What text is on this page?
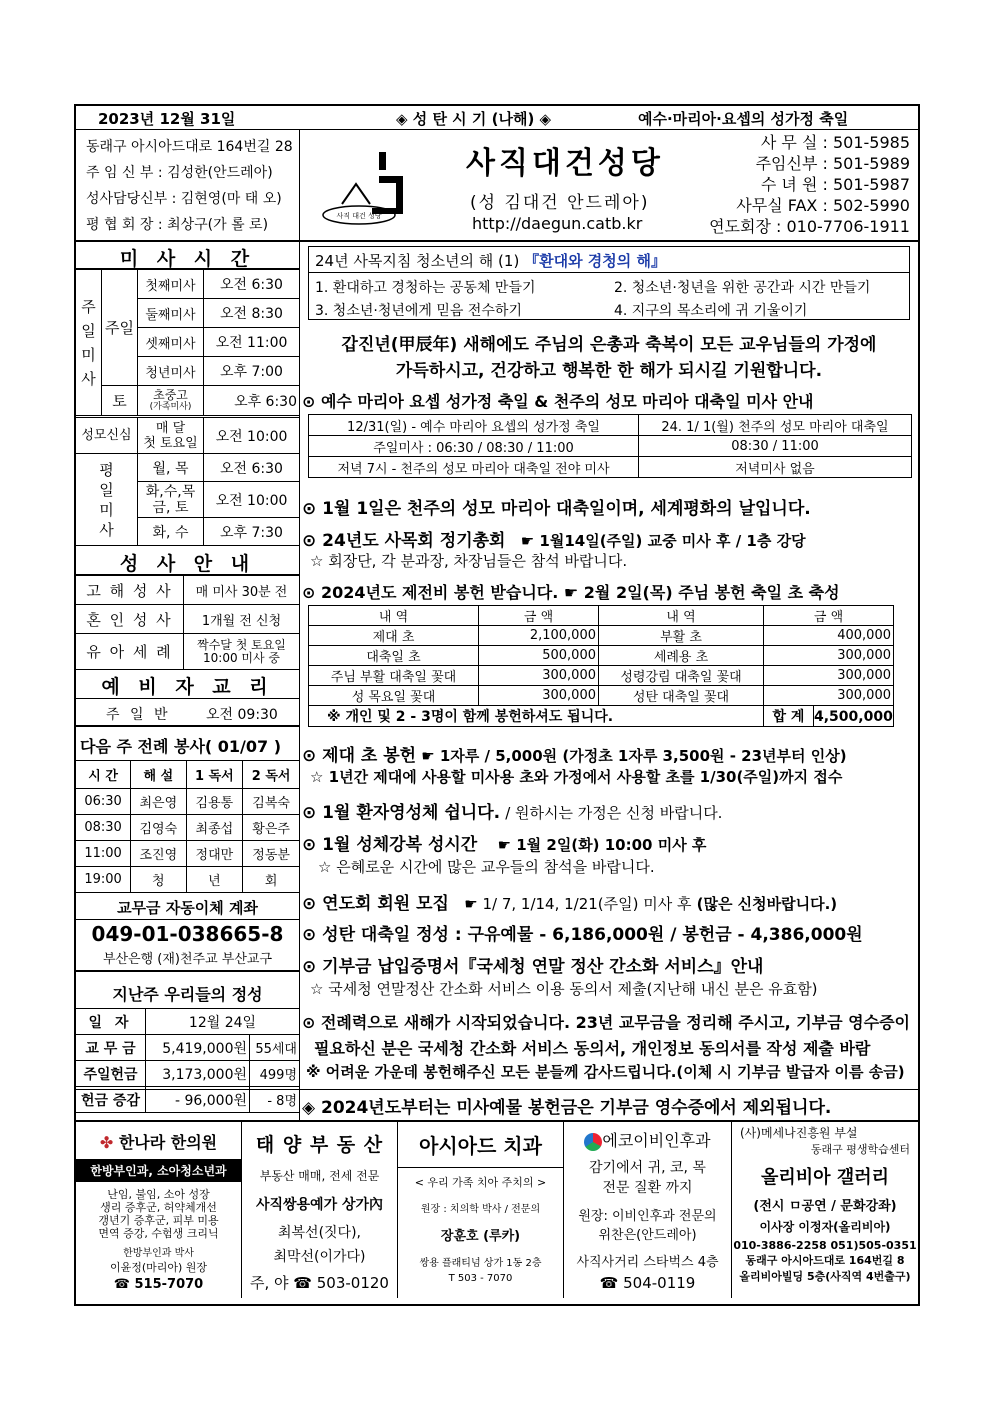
2023년 12월 31일	◈ 성 탄 시 기 (나해) ◈	예수·마리아·요셉의 성가정 축일
동래구 아시아드대로 164번길 28
주 임 신 부 : 김성한(안드레아)
성사담당신부 : 김현영(마 태 오)
평 협 회 장 : 최상구(가 롤 로)
사직 대건 성당
사직대건성당
(성 김대건 안드레아)
http://daegun.catb.kr
사 무 실 : 501-5985
주임신부 : 501-5989
수 녀 원 : 501-5987
사무실 FAX : 502-5990
연도회장 : 010-7706-1911
미 사 시 간
주일미사	주일	첫째미사	오전 6:30
		둘째미사	오전 8:30
		셋째미사	오전 11:00
		청년미사	오후 7:00
	토	초중고
(가족미사)	오후 6:30
성모신심	매 달
첫 토요일	오전 10:00
평일미사	월, 목	오전 6:30
	화,수,목
금, 토	오전 10:00
	화, 수	오후 7:30
성 사 안 내
고 해 성 사	매 미사 30분 전
혼 인 성 사	1개월 전 신청
유 아 세 례	짝수달 첫 토요일
10:00 미사 중
예 비 자 교 리
주 일 반	오전 09:30
다음 주 전례 봉사( 01/07 )
시 간	해 설	1 독서	2 독서
06:30	최은영	김용통	김복숙
08:30	김영숙	최종섭	황은주
11:00	조진영	정대만	정동분
19:00	청	년	회
교무금 자동이체 계좌
049-01-038665-8
부산은행 (재)천주교 부산교구
지난주 우리들의 정성
일 자	12월 24일	
교 무 금	5,419,000원	55세대
주일헌금	3,173,000원	499명
헌금 증감	- 96,000원	- 8명
24년 사목지침 청소년의 해 (1) 『환대와 경청의 해』
1. 환대하고 경청하는 공동체 만들기	2. 청소년·청년을 위한 공간과 시간 만들기
3. 청소년·청년에게 믿음 전수하기	4. 지구의 목소리에 귀 기울이기
갑진년(甲辰年) 새해에도 주님의 은총과 축복이 모든 교우님들의 가정에
가득하시고, 건강하고 행복한 한 해가 되시길 기원합니다.
⊙ 예수 마리아 요셉 성가정 축일 & 천주의 성모 마리아 대축일 미사 안내
12/31(일) - 예수 마리아 요셉의 성가정 축일	24. 1/ 1(월) 천주의 성모 마리아 대축일
주일미사 : 06:30 / 08:30 / 11:00	08:30 / 11:00
저녁 7시 - 천주의 성모 마리아 대축일 전야 미사	저녁미사 없음
⊙ 1월 1일은 천주의 성모 마리아 대축일이며, 세계평화의 날입니다.
⊙ 24년도 사목회 정기총회 ☛ 1월14일(주일) 교중 미사 후 / 1층 강당
☆ 회장단, 각 분과장, 차장님들은 참석 바랍니다.
⊙ 2024년도 제전비 봉헌 받습니다. ☛ 2월 2일(목) 주님 봉헌 축일 초 축성
내 역	금 액	내 역	금 액
제대 초	2,100,000	부활 초	400,000
대축일 초	500,000	세례용 초	300,000
주님 부활 대축일 꽃대	300,000	성령강림 대축일 꽃대	300,000
성 목요일 꽃대	300,000	성탄 대축일 꽃대	300,000
※ 개인 및 2 - 3명이 함께 봉헌하셔도 됩니다.			합 계 4,500,000
⊙ 제대 초 봉헌 ☛ 1자루 / 5,000원 (가정초 1자루 3,500원 - 23년부터 인상)
☆ 1년간 제대에 사용할 미사용 초와 가정에서 사용할 초를 1/30(주일)까지 접수
⊙ 1월 환자영성체 쉽니다. / 원하시는 가정은 신청 바랍니다.
⊙ 1월 성체강복 성시간 ☛ 1월 2일(화) 10:00 미사 후
☆ 은혜로운 시간에 많은 교우들의 참석을 바랍니다.
⊙ 연도회 회원 모집 ☛ 1/ 7, 1/14, 1/21(주일) 미사 후 (많은 신청바랍니다.)
⊙ 성탄 대축일 정성 : 구유예물 - 6,186,000원 / 봉헌금 - 4,386,000원
⊙ 기부금 납입증명서『국세청 연말 정산 간소화 서비스』안내
☆ 국세청 연말정산 간소화 서비스 이용 동의서 제출(지난해 내신 분은 유효함)
⊙ 전례력으로 새해가 시작되었습니다. 23년 교무금을 정리해 주시고, 기부금 영수증이
필요하신 분은 국세청 간소화 서비스 동의서, 개인정보 동의서를 작성 제출 바람
※ 어려운 가운데 봉헌해주신 모든 분들께 감사드립니다.(이체 시 기부금 발급자 이름 송금)
◈ 2024년도부터는 미사예물 봉헌금은 기부금 영수증에서 제외됩니다.
✤ 한나라 한의원
한방부인과, 소아청소년과
난임, 불임, 소아 성장
생리 증후군, 허약체개선
갱년기 증후군, 피부 미용
면역 증강, 수험생 크리닉
한방부인과 박사
이윤정(마리아) 원장
☎ 515-7070
태 양 부 동 산
부동산 매매, 전세 전문
사직쌍용예가 상가內
최복선(짓다),
최막선(이가다)
주, 야 ☎ 503-0120
아시아드 치과
< 우리 가족 치아 주치의 >
원장 : 치의학 박사 / 전문의
장훈호 (루카)
쌍용 플래티넘 상가 1동 2층
T 503 - 7070
에코이비인후과
감기에서 귀, 코, 목
전문 질환 까지
원장: 이비인후과 전문의
위찬은(안드레아)
사직사거리 스타벅스 4층
☎ 504-0119
(사)메세나진흥원 부설
동래구 평생학습센터
올리비아 갤러리
(전시 ㅁ공연 / 문화강좌)
이사장 이정자(올리비아)
010-3886-2258 051)505-0351
동래구 아시아드대로 164번길 8
올리비아빌딩 5층(사직역 4번출구)
